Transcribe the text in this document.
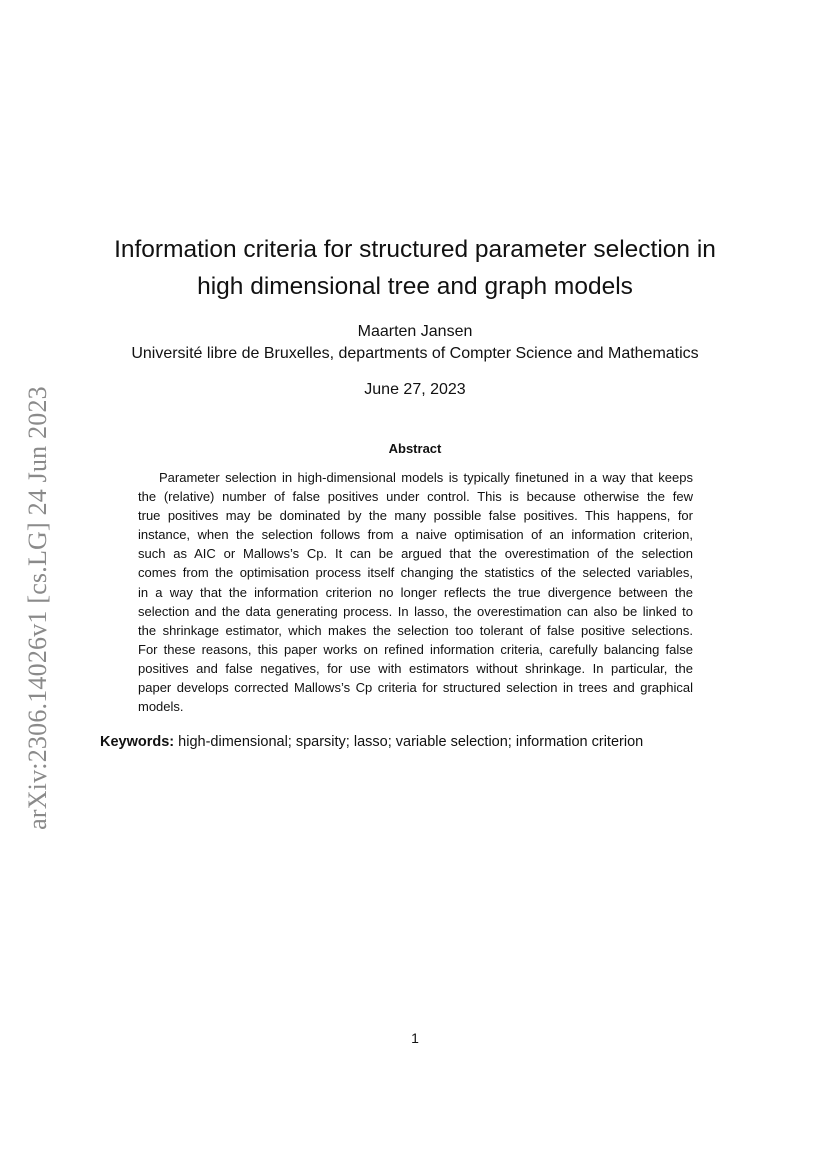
arXiv:2306.14026v1 [cs.LG] 24 Jun 2023
Information criteria for structured parameter selection in
high dimensional tree and graph models
Maarten Jansen
Université libre de Bruxelles, departments of Compter Science and Mathematics
June 27, 2023
Abstract
Parameter selection in high-dimensional models is typically finetuned in a way that keeps
the (relative) number of false positives under control. This is because otherwise the few
true positives may be dominated by the many possible false positives. This happens, for
instance, when the selection follows from a naive optimisation of an information criterion,
such as AIC or Mallows’s Cp. It can be argued that the overestimation of the selection
comes from the optimisation process itself changing the statistics of the selected variables,
in a way that the information criterion no longer reflects the true divergence between the
selection and the data generating process. In lasso, the overestimation can also be linked to
the shrinkage estimator, which makes the selection too tolerant of false positive selections.
For these reasons, this paper works on refined information criteria, carefully balancing false
positives and false negatives, for use with estimators without shrinkage. In particular, the
paper develops corrected Mallows’s Cp criteria for structured selection in trees and graphical
models.
Keywords: high-dimensional; sparsity; lasso; variable selection; information criterion
1
